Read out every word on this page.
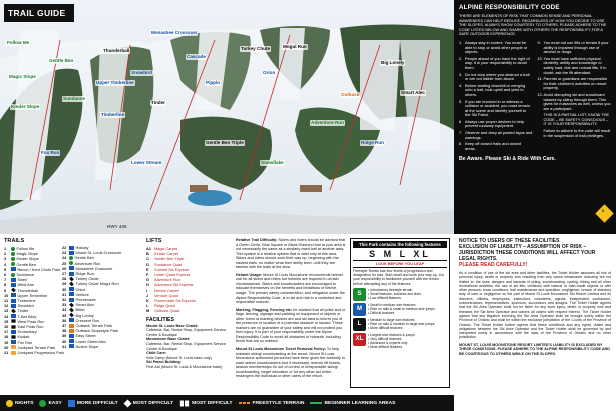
TRAIL GUIDE
Follow Me
Magic Slope
Kinder Slope
Gentle Ben
Sundance
Thunderball
Upper Timberline
Timberline
Snowbird
Tinder
Cascade
Pippin
Turkey Chute
Orion
Mogul Run
Fox Run
Lower Stream
Outback
Adventure Run
Monashee Crossover
Big Lonely
Smart Alec
Gentle Ben Triple	Ridge Run
Snowflake
HWY 406
ALPINE RESPONSIBILITY CODE
THERE ARE ELEMENTS OF RISK THAT COMMON SENSE AND PERSONAL AWARENESS CAN HELP REDUCE. REGARDLESS OF HOW YOU DECIDE TO USE THE SLOPES, ALWAYS SHOW COURTESY TO OTHERS. PLEASE ADHERE TO THE CODE LISTED BELOW AND SHARE WITH OTHERS THE RESPONSIBILITY FOR A SAFE OUTDOOR EXPERIENCE.
1. Always stay in control. You must be able to stop or avoid other people or objects.
2. People ahead of you have the right of way. It is your responsibility to avoid them.
3. Do not stop where you obstruct a trail or are not visible from above.
4. Before starting downhill or merging onto a trail, look uphill and yield to others.
5. If you are involved in or witness a collision or accident, you must remain at the scene and identify yourself to the Ski Patrol.
6. Always use proper devices to help prevent runaway equipment.
7. Observe and obey all posted signs and warnings.
8. Keep off closed trails and closed areas.
9. You must not use lifts or terrain if your ability is impaired through use of alcohol or drugs.
10. You must have sufficient physical dexterity, ability and knowledge to safely load, ride and unload lifts. If in doubt, ask the lift attendant.
11. Parents or guardians are responsible for their children's activities on resort property.
12. Avoid disrupting ski and snowboard classes by skiing through them. This gives for nuisances as well, unless you are a participant.
THIS IS A PARTIAL LIST. KNOW THE CODE – BE SAFETY CONSCIOUS – IT IS YOUR RESPONSIBILITY.
Failure to adhere to the code will result in the suspension of trail privileges.
Be Aware. Please Ski & Ride With Care.
3
TRAILS
1	Follow Me
2	Magic Slope
3	Kinder Slope
4	Gentle Ben
5	Bench / Kent Chute Park
6	Sundance
7	Swell
8	West Arm
9	Thunderball
10	Upper Timberline
11	Timberline
12	Snowbird
13	Tinder
14	T-Bar Alley
15	West Peak Run
16	East Peak Run
17	Dromedary
18	Kodiak
19	Fox Run
20	Junkyard Terrain Park
21	Junkyard Progression Park
22	Holiday
23	Mount St. Louis Crossover
24	Gentle Ben
25	Adventure Run
26	Monashee Crossover
27	Ridge Run
28	Turkey Chute
29	Turkey Chute Mogul Run
30	Orion
31	Venture
32	Promenade
33	Smart Alec
34	Brifer
35	Big Lonely
36	Crescent Run
37	Outback Terrain Park
38	Outback Slopestyle Park
39	Easy Street
40	Lower Street Alec
41	Novice Slope
LIFTS
A1 Magic Carpet
B	Kinder Carpet
C	Gentle Ben Triple
D	Sundance Quad
E	Summit Six Express
F	Lower Quad Express
G	Adventure Run
H	Adventure Ski Express
I	Novice Carpet
J	Venture Quad
K	Promenade Six Express
L	Ridge Quad
M	Outback Quad
FACILITIES
Mount St. Louis Base Chalet:
Cafeteria, Bar, Rental Shop, Equipment Service Centre & Boutique
Moonstone Base Chalet:
Cafeteria, Bar, Rental Shop, Equipment Service Centre & Boutique
Child Care:
Kids Camp (Mount St. Louis base only)
Ski Patrol Building:
First Aid (Mount St. Louis & Moonstone base)

Relative Trail Difficulty: Skiers and riders should be advised that a Green Circle, Blue Square or Black Diamond trial at your area is not necessarily the same as a similarly rated trail at another area. This system is a relative system that is valid only at this area. Skiers and riders should work their way up, beginning with the easiest trails, no matter what their ability level, until they are familiar with the trails at the area.

Helmet Usage: Mount St Louis Moonstone recommends helmet use for all skiers and riders but helmets are required in certain circumstances. Skiers and snowboarders are encouraged to educate themselves on the benefits and limitations of helmet usage. The primary safety consideration, and obligation under the Alpine Responsibility Code, is to ski and ride in a controlled and responsible manner.

Marking, Flagging, Fencing etc: be advised that all poles and or flags, fencing, signage and padding on equipment or objects or other forms of marking devices are and ski area to inform you of the presence or location of a potential obstacle or hazard. These markers are no guarantee of your safety and will not protect you from injury. It is part of your responsibility under the Alpine Responsibility Code to avoid all obstacles or hazards, including those that are so marked.

Mount St Louis Moonstone Ticket Removal Policy: To help maintain skiing/ snowboarding at the resort, Mount St Louis Moonstone authorized personnel have been given the authority to warn skiers/ snowboarders and if necessary, remove lift tickets, season memberships for out of control or irresponsible skiing/ snowboarding, target relocation or for any other act which endangers the individual or other users of the resort.

This Park contains the following features
S M L XL
LOOK BEFORE YOU LEAP
Freestyle Terrain has four levels of progression and designation for size. Start small and work your way up. It is your responsibility to familiarize yourself with the terrain before attempting any of the features.
S
• Introductory freestyle terrain
• Small features, surfaces and lines
• Low difficult features
M
• Small to medium size features
• Ride on rails & small to medium size jumps
• Difficult features
L
• Medium to large size features
• Ride on rails & medium to large size jumps
• More difficult features
XL
• Largest size features & jumps
• Very difficult features
• Advanced & experts only
• Most difficult features
NOTICE TO USERS OF THESE FACILITIES
EXCLUSION OF LIABILITY – ASSUMPTION OF RISK – JURISDICTION THESE CONDITIONS WILL AFFECT YOUR LEGAL RIGHTS.
PLEASE READ CAREFULLY!
As a condition of use of the ski area and other facilities, the Ticket Holder assumes all risk of personal injury, death or property loss resulting from any cause whatsoever including but not limited to: the risks, dangers and hazards of skiing, snowboarding, cycling, hiking and all other recreational activities; the use of ski lifts; collisions with natural or man-made objects or with other persons; snow conditions, trail maintenance and operation; negligence, breach of statutory duty of care or negligence on the part of Mount St Louis Moonstone Ski Resort Limited and its directors, officers, employees, instructors, volunteers, agents, independent contractors, subcontractors, representatives, sponsors, successors and assigns. The Ticket Holder agrees that the Ski Area Operator shall not be liable for any such injury, death or property loss and releases the Ski Area Operator and waives all claims with respect thereto. The Ticket Holder agrees that any litigation involving the Ski Area Operator shall be brought solely within the Province of Ontario and shall be within the exclusive jurisdiction of the Courts of the Province of Ontario. The Ticket Holder further agrees that these conditions and any rights, duties and obligations between the Ski Area Operator and the Ticket Holder shall be governed by and interpreted solely in accordance with the laws of the Province of Ontario and no other jurisdiction.
MOUNT ST. LOUIS MOONSTONE RESORT LIMITED'S LIABILITY IS EXCLUDED BY THESE CONDITIONS. PLEASE ADHERE TO THE ALPINE RESPONSIBILITY CODE AND BE COURTEOUS TO OTHERS WHILE ON THE SLOPES.
NIGHTS	EASY	MORE DIFFICULT	MOST DIFFICULT	MOST DIFFICULT	FREESTYLE TERRAIN	BEGINNER LEARNING AREAS
